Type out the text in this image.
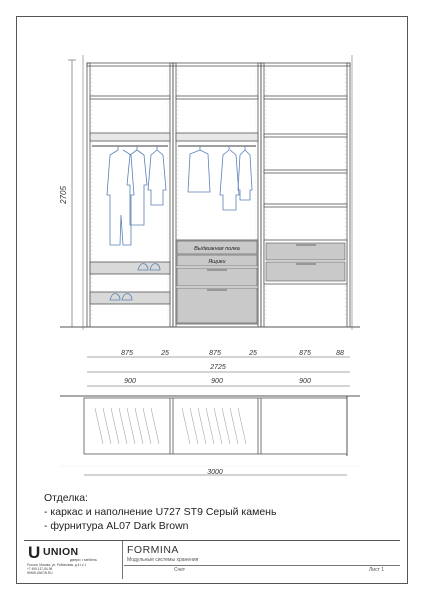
2705
Выдвижная полка
Ящики
875	25	875	25	875	88
2725
900	900	900
3000
Отделка:
- каркас и наполнение U727 ST9 Серый камень
- фурнитура AL07 Dark Brown
U UNION
двери • мебель
Россия, Москва, ул. Рябиновая, д.41 к.1
+7 495 137-84-98
WWW.UNION.RU
FORMINA
Модульные системы хранения
Счет	Лист 1
